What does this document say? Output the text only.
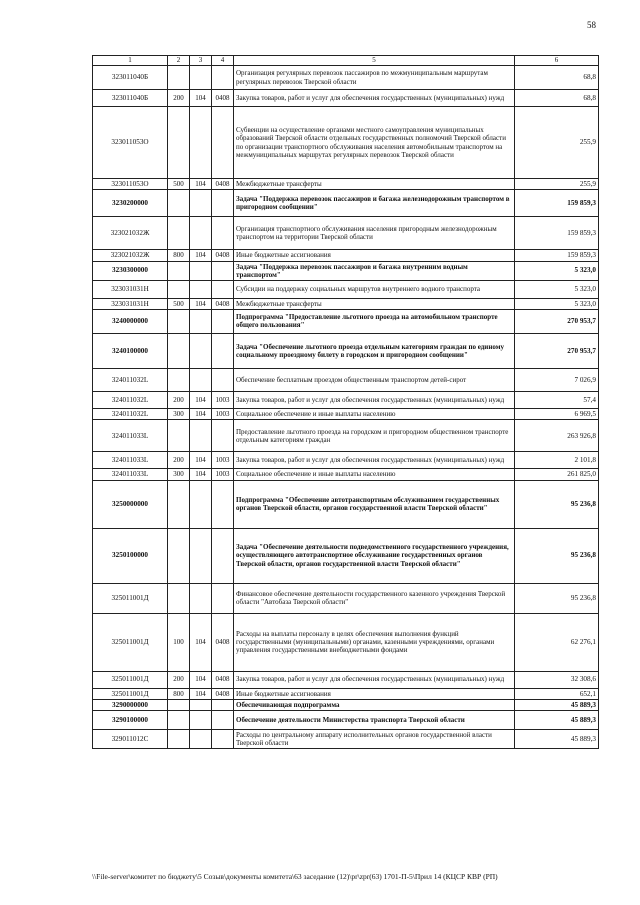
58
1	2	3	4	5	6
323011040Б				Организация регулярных перевозок пассажиров по межмуниципальным маршрутам регулярных перевозок Тверской области	68,8
323011040Б	200	104	0408	Закупка товаров, работ и услуг для обеспечения государственных (муниципальных) нужд	68,8
323011053О				Субвенции на осуществление органами местного самоуправления муниципальных образований Тверской области отдельных государственных полномочий Тверской области по организации транспортного обслуживания населения автомобильным транспортом на межмуниципальных маршрутах регулярных перевозок Тверской области	255,9
323011053О	500	104	0408	Межбюджетные трансферты	255,9
3230200000				Задача "Поддержка перевозок пассажиров и багажа железнодорожным транспортом в пригородном сообщении"	159 859,3
323021032Ж				Организация транспортного обслуживания населения пригородным железнодорожным транспортом на территории Тверской области	159 859,3
323021032Ж	800	104	0408	Иные бюджетные ассигнования	159 859,3
3230300000				Задача "Поддержка перевозок пассажиров и багажа внутренним водным транспортом"	5 323,0
323031031Н				Субсидии на поддержку социальных маршрутов внутреннего водного транспорта	5 323,0
323031031Н	500	104	0408	Межбюджетные трансферты	5 323,0
3240000000				Подпрограмма "Предоставление льготного проезда на автомобильном транспорте общего пользования"	270 953,7
3240100000				Задача "Обеспечение льготного проезда отдельным категориям граждан по единому социальному проездному билету в городском и пригородном сообщении"	270 953,7
324011032L				Обеспечение бесплатным проездом общественным транспортом детей-сирот	7 026,9
324011032L	200	104	1003	Закупка товаров, работ и услуг для обеспечения государственных (муниципальных) нужд	57,4
324011032L	300	104	1003	Социальное обеспечение и иные выплаты населению	6 969,5
324011033L				Предоставление льготного проезда на городском и пригородном общественном транспорте отдельным категориям граждан	263 926,8
324011033L	200	104	1003	Закупка товаров, работ и услуг для обеспечения государственных (муниципальных) нужд	2 101,8
324011033L	300	104	1003	Социальное обеспечение и иные выплаты населению	261 825,0
3250000000				Подпрограмма "Обеспечение автотранспортным обслуживанием государственных органов Тверской области, органов государственной власти Тверской области"	95 236,8
3250100000				Задача "Обеспечение деятельности подведомственного государственного учреждения, осуществляющего автотранспортное обслуживание государственных органов Тверской области, органов государственной власти Тверской области"	95 236,8
325011001Д				Финансовое обеспечение деятельности государственного казенного учреждения Тверской области "Автобаза Тверской области"	95 236,8
325011001Д	100	104	0408	Расходы на выплаты персоналу в целях обеспечения выполнения функций государственными (муниципальными) органами, казенными учреждениями, органами управления государственными внебюджетными фондами	62 276,1
325011001Д	200	104	0408	Закупка товаров, работ и услуг для обеспечения государственных (муниципальных) нужд	32 308,6
325011001Д	800	104	0408	Иные бюджетные ассигнования	652,1
3290000000				Обеспечивающая подпрограмма	45 889,3
3290100000				Обеспечение деятельности Министерства транспорта Тверской области	45 889,3
329011012С				Расходы по центральному аппарату исполнительных органов государственной власти Тверской области	45 889,3
\\File-server\комитет по бюджету\5 Созыв\документы комитета\63 заседание (12)\pr\zpr(63) 1701-П-5\Прил 14 (КЦСР КВР (РП)
